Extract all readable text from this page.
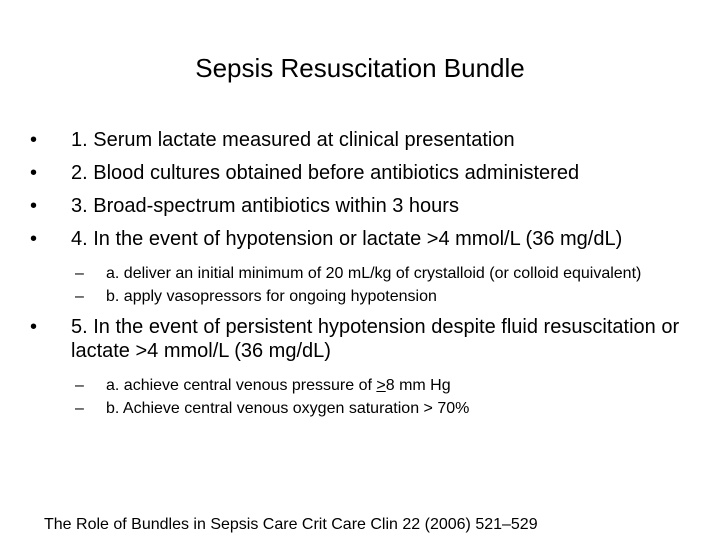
Sepsis Resuscitation Bundle
•	1. Serum lactate measured at clinical presentation
•	2. Blood cultures obtained before antibiotics administered
•	3. Broad-spectrum antibiotics within 3 hours
•	4. In the event of hypotension or lactate >4 mmol/L (36 mg/dL)
– a. deliver an initial minimum of 20 mL/kg of crystalloid (or colloid equivalent)
– b. apply vasopressors for ongoing hypotension
•	5. In the event of persistent hypotension despite fluid resuscitation or lactate >4 mmol/L (36 mg/dL)
– a. achieve central venous pressure of ≥8 mm Hg
– b. Achieve central venous oxygen saturation > 70%

The Role of Bundles in Sepsis Care Crit Care Clin 22 (2006) 521–529
